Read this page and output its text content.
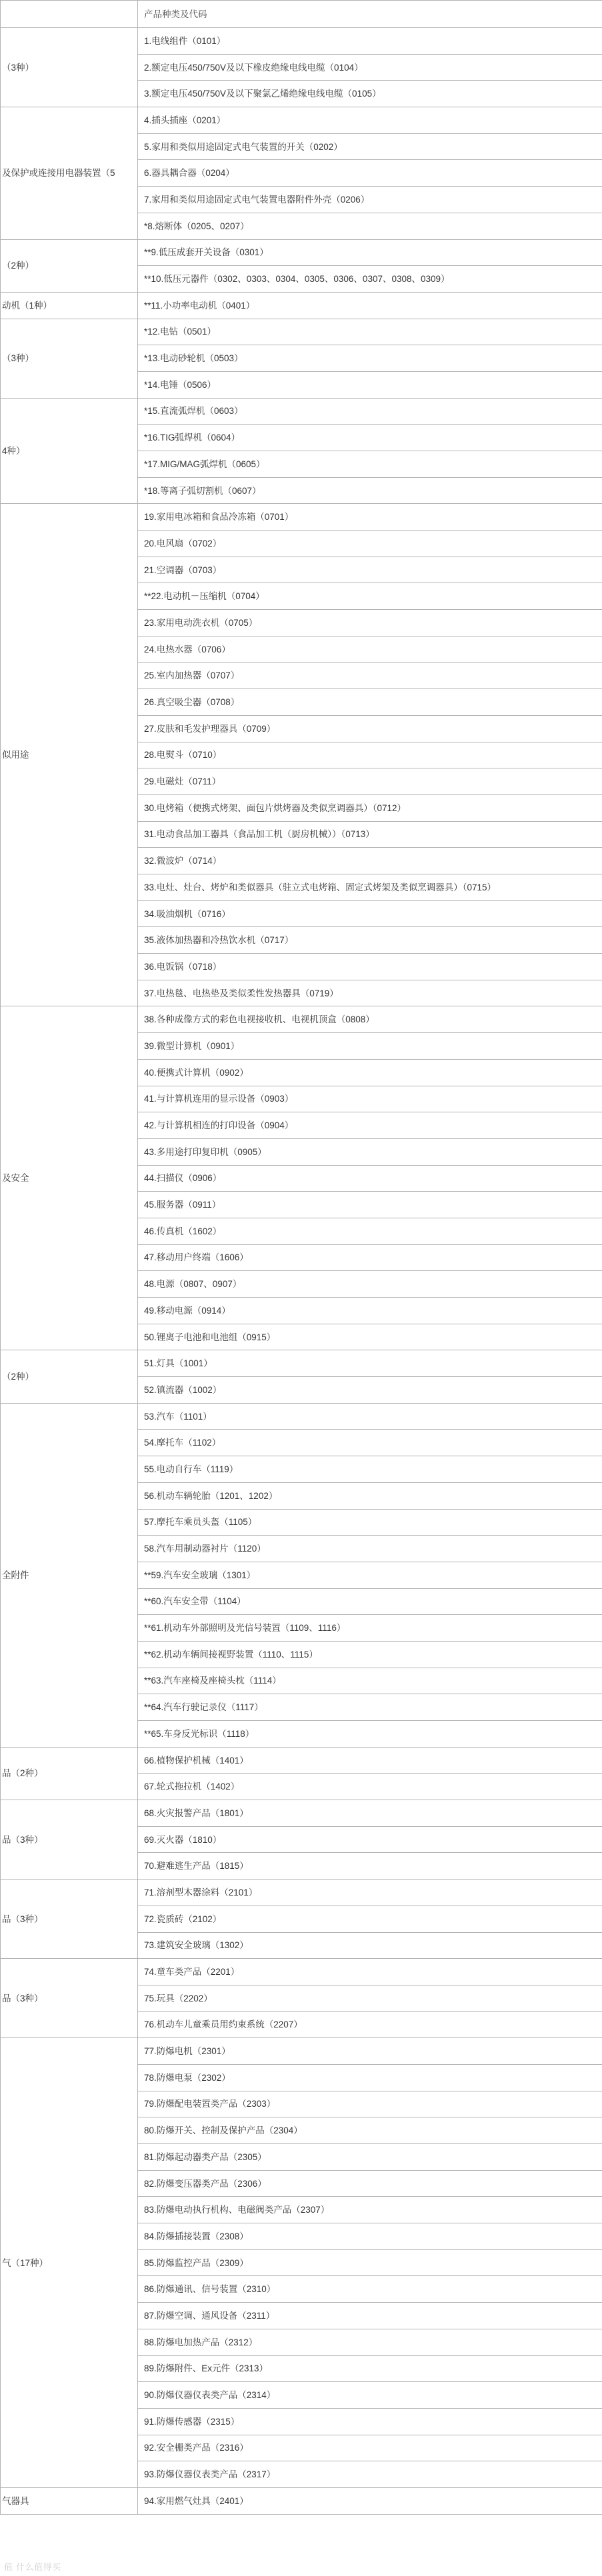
	产品种类及代码
（3种）	1.电线组件（0101）
	2.额定电压450/750V及以下橡皮绝缘电线电缆（0104）
	3.额定电压450/750V及以下聚氯乙烯绝缘电线电缆（0105）
及保护或连接用电器装置（5	4.插头插座（0201）
	5.家用和类似用途固定式电气装置的开关（0202）
	6.器具耦合器（0204）
	7.家用和类似用途固定式电气装置电器附件外壳（0206）
	*8.熔断体（0205、0207）
（2种）	**9.低压成套开关设备（0301）
	**10.低压元器件（0302、0303、0304、0305、0306、0307、0308、0309）
动机（1种）	**11.小功率电动机（0401）
（3种）	*12.电钻（0501）
	*13.电动砂轮机（0503）
	*14.电锤（0506）
4种）	*15.直流弧焊机（0603）
	*16.TIG弧焊机（0604）
	*17.MIG/MAG弧焊机（0605）
	*18.等离子弧切割机（0607）
似用途	19.家用电冰箱和食品冷冻箱（0701）
	20.电风扇（0702）
	21.空调器（0703）
	**22.电动机－压缩机（0704）
	23.家用电动洗衣机（0705）
	24.电热水器（0706）
	25.室内加热器（0707）
	26.真空吸尘器（0708）
	27.皮肤和毛发护理器具（0709）
	28.电熨斗（0710）
	29.电磁灶（0711）
	30.电烤箱（便携式烤架、面包片烘烤器及类似烹调器具）（0712）
	31.电动食品加工器具（食品加工机（厨房机械））（0713）
	32.微波炉（0714）
	33.电灶、灶台、烤炉和类似器具（驻立式电烤箱、固定式烤架及类似烹调器具）（0715）
	34.吸油烟机（0716）
	35.液体加热器和冷热饮水机（0717）
	36.电饭锅（0718）
	37.电热毯、电热垫及类似柔性发热器具（0719）
及安全	38.各种成像方式的彩色电视接收机、电视机顶盒（0808）
	39.微型计算机（0901）
	40.便携式计算机（0902）
	41.与计算机连用的显示设备（0903）
	42.与计算机相连的打印设备（0904）
	43.多用途打印复印机（0905）
	44.扫描仪（0906）
	45.服务器（0911）
	46.传真机（1602）
	47.移动用户终端（1606）
	48.电源（0807、0907）
	49.移动电源（0914）
	50.锂离子电池和电池组（0915）
（2种）	51.灯具（1001）
	52.镇流器（1002）
全附件	53.汽车（1101）
	54.摩托车（1102）
	55.电动自行车（1119）
	56.机动车辆轮胎（1201、1202）
	57.摩托车乘员头盔（1105）
	58.汽车用制动器衬片（1120）
	**59.汽车安全玻璃（1301）
	**60.汽车安全带（1104）
	**61.机动车外部照明及光信号装置（1109、1116）
	**62.机动车辆间接视野装置（1110、1115）
	**63.汽车座椅及座椅头枕（1114）
	**64.汽车行驶记录仪（1117）
	**65.车身反光标识（1118）
品（2种）	66.植物保护机械（1401）
	67.轮式拖拉机（1402）
品（3种）	68.火灾报警产品（1801）
	69.灭火器（1810）
	70.避难逃生产品（1815）
品（3种）	71.溶剂型木器涂料（2101）
	72.瓷质砖（2102）
	73.建筑安全玻璃（1302）
品（3种）	74.童车类产品（2201）
	75.玩具（2202）
	76.机动车儿童乘员用约束系统（2207）
气（17种）	77.防爆电机（2301）
	78.防爆电泵（2302）
	79.防爆配电装置类产品（2303）
	80.防爆开关、控制及保护产品（2304）
	81.防爆起动器类产品（2305）
	82.防爆变压器类产品（2306）
	83.防爆电动执行机构、电磁阀类产品（2307）
	84.防爆插接装置（2308）
	85.防爆监控产品（2309）
	86.防爆通讯、信号装置（2310）
	87.防爆空调、通风设备（2311）
	88.防爆电加热产品（2312）
	89.防爆附件、Ex元件（2313）
	90.防爆仪器仪表类产品（2314）
	91.防爆传感器（2315）
	92.安全栅类产品（2316）
	93.防爆仪器仪表类产品（2317）
气器具	94.家用燃气灶具（2401）
值 什么值得买
